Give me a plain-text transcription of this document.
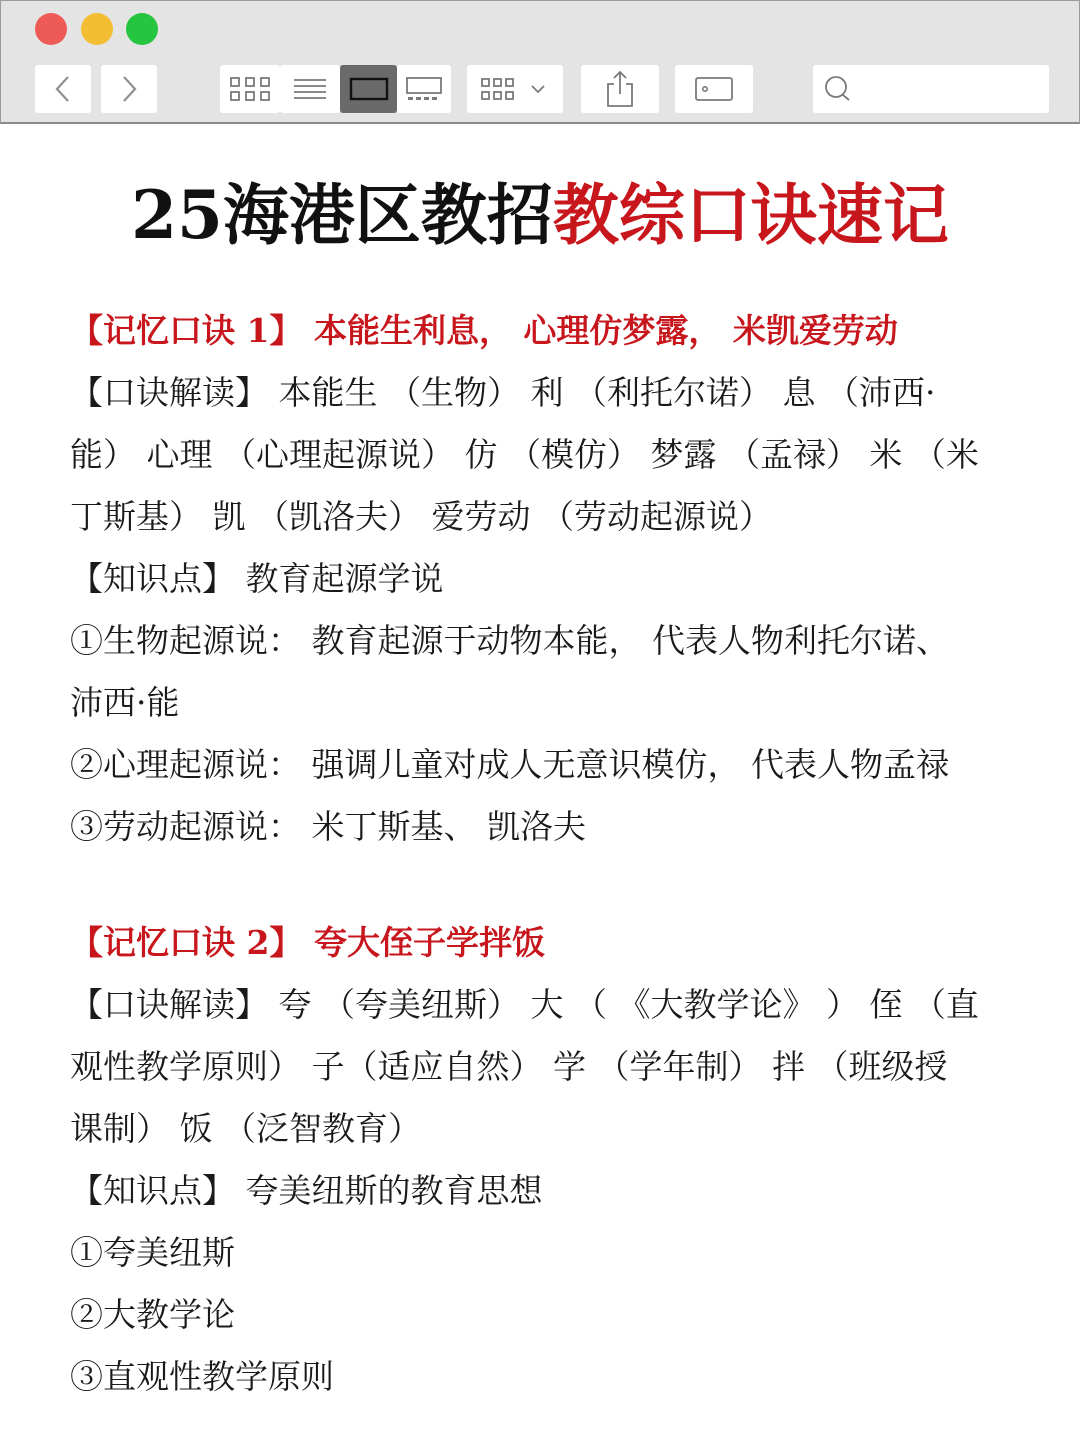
25海港区教招教综口诀速记
【记忆口诀 1】 本能生利息， 心理仿梦露， 米凯爱劳动
【口诀解读】 本能生 （生物） 利 （利托尔诺） 息 （沛西·
能） 心理 （心理起源说） 仿 （模仿） 梦露 （孟禄） 米 （米
丁斯基） 凯 （凯洛夫） 爱劳动 （劳动起源说）
【知识点】 教育起源学说
①生物起源说： 教育起源于动物本能， 代表人物利托尔诺、
沛西·能
②心理起源说： 强调儿童对成人无意识模仿， 代表人物孟禄
③劳动起源说： 米丁斯基、 凯洛夫
【记忆口诀 2】 夸大侄子学拌饭
【口诀解读】 夸 （夸美纽斯） 大 （ 《大教学论》 ） 侄 （直
观性教学原则） 子（适应自然） 学 （学年制） 拌 （班级授
课制） 饭 （泛智教育）
【知识点】 夸美纽斯的教育思想
①夸美纽斯
②大教学论
③直观性教学原则
